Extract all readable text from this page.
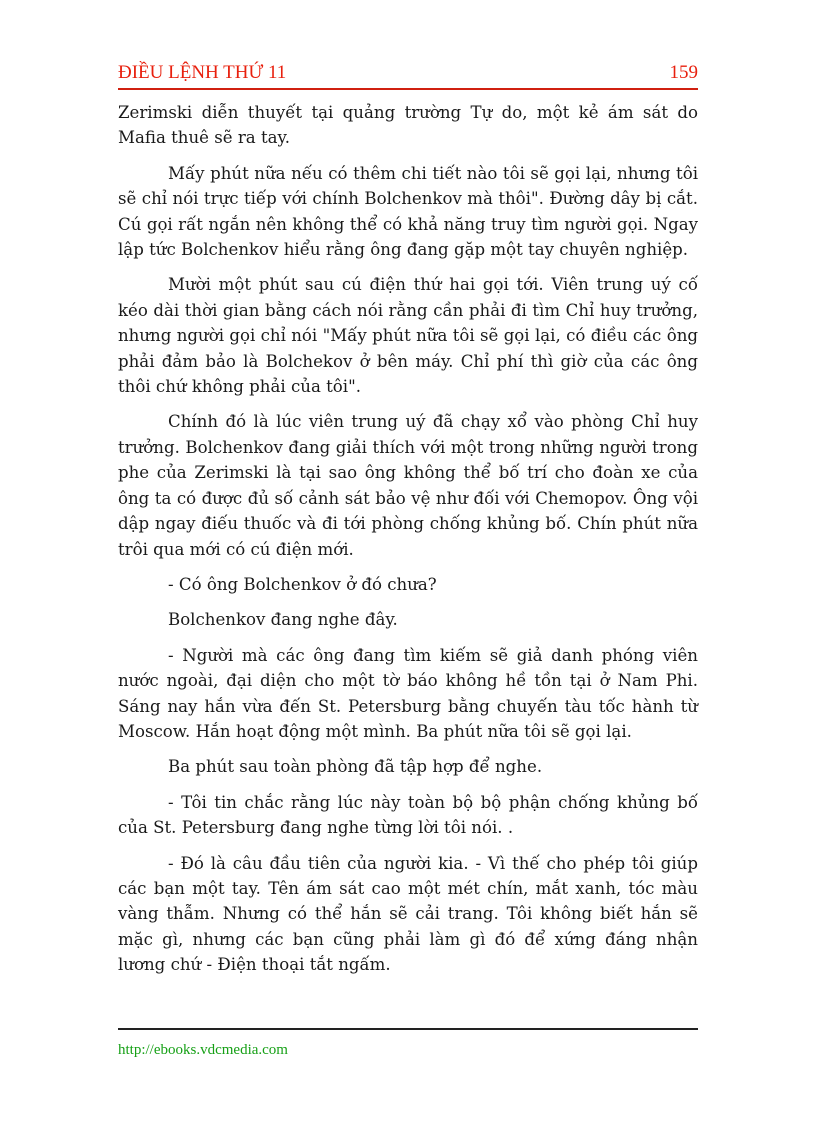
ĐIỀU LỆNH THỨ 11	159

Zerimski diễn thuyết tại quảng trường Tự do, một kẻ ám sát do Mafia thuê sẽ ra tay.

Mấy phút nữa nếu có thêm chi tiết nào tôi sẽ gọi lại, nhưng tôi sẽ chỉ nói trực tiếp với chính Bolchenkov mà thôi". Đường dây bị cắt. Cú gọi rất ngắn nên không thể có khả năng truy tìm người gọi. Ngay lập tức Bolchenkov hiểu rằng ông đang gặp một tay chuyên nghiệp.

Mười một phút sau cú điện thứ hai gọi tới. Viên trung uý cố kéo dài thời gian bằng cách nói rằng cần phải đi tìm Chỉ huy trưởng, nhưng người gọi chỉ nói "Mấy phút nữa tôi sẽ gọi lại, có điều các ông phải đảm bảo là Bolchekov ở bên máy. Chỉ phí thì giờ của các ông thôi chứ không phải của tôi".

Chính đó là lúc viên trung uý đã chạy xổ vào phòng Chỉ huy trưởng. Bolchenkov đang giải thích với một trong những người trong phe của Zerimski là tại sao ông không thể bố trí cho đoàn xe của ông ta có được đủ số cảnh sát bảo vệ như đối với Chemopov. Ông vội dập ngay điếu thuốc và đi tới phòng chống khủng bố. Chín phút nữa trôi qua mới có cú điện mới.

- Có ông Bolchenkov ở đó chưa?

Bolchenkov đang nghe đây.

- Người mà các ông đang tìm kiếm sẽ giả danh phóng viên nước ngoài, đại diện cho một tờ báo không hề tồn tại ở Nam Phi. Sáng nay hắn vừa đến St. Petersburg bằng chuyến tàu tốc hành từ Moscow. Hắn hoạt động một mình. Ba phút nữa tôi sẽ gọi lại.

Ba phút sau toàn phòng đã tập hợp để nghe.

- Tôi tin chắc rằng lúc này toàn bộ bộ phận chống khủng bố của St. Petersburg đang nghe từng lời tôi nói. .

- Đó là câu đầu tiên của người kia. - Vì thế cho phép tôi giúp các bạn một tay. Tên ám sát cao một mét chín, mắt xanh, tóc màu vàng thẫm. Nhưng có thể hắn sẽ cải trang. Tôi không biết hắn sẽ mặc gì, nhưng các bạn cũng phải làm gì đó để xứng đáng nhận lương chứ - Điện thoại tắt ngấm.

http://ebooks.vdcmedia.com
